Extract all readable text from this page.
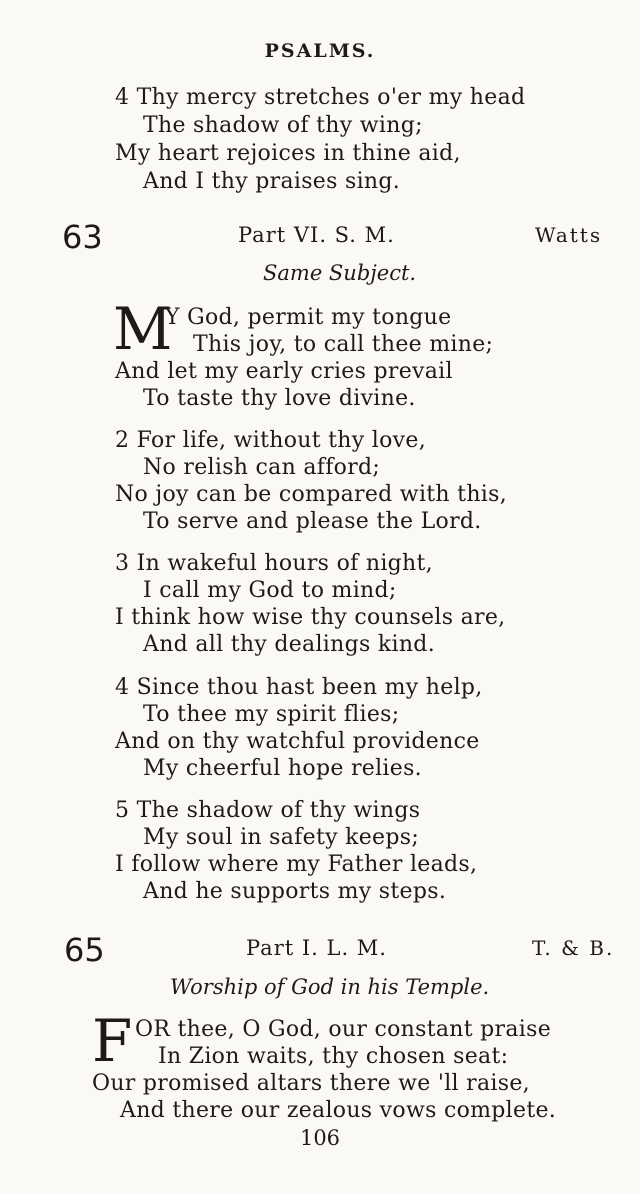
PSALMS.
4 Thy mercy stretches o'er my head
The shadow of thy wing;
My heart rejoices in thine aid,
And I thy praises sing.
63	Part VI. S. M.	Watts
Same Subject.
M
Y God, permit my tongue
This joy, to call thee mine;
And let my early cries prevail
To taste thy love divine.
2 For life, without thy love,
No relish can afford;
No joy can be compared with this,
To serve and please the Lord.
3 In wakeful hours of night,
I call my God to mind;
I think how wise thy counsels are,
And all thy dealings kind.
4 Since thou hast been my help,
To thee my spirit flies;
And on thy watchful providence
My cheerful hope relies.
5 The shadow of thy wings
My soul in safety keeps;
I follow where my Father leads,
And he supports my steps.
65	Part I. L. M.	T. & B.
Worship of God in his Temple.
F OR thee, O God, our constant praise
In Zion waits, thy chosen seat:
Our promised altars there we 'll raise,
And there our zealous vows complete.
106
